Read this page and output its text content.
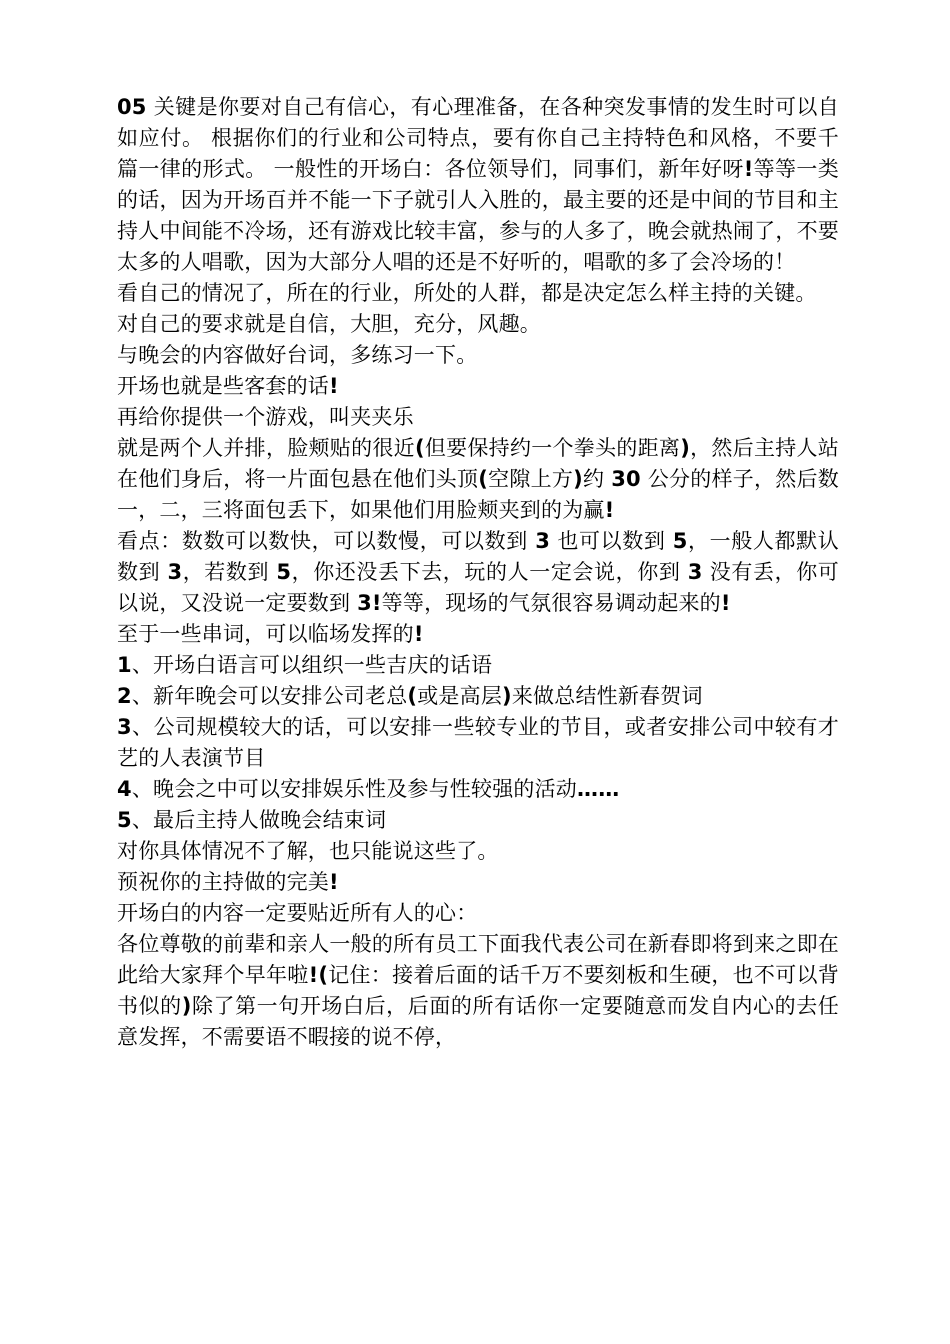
05 关键是你要对自己有信心，有心理准备，在各种突发事情的发生时可以自如应付。 根据你们的行业和公司特点，要有你自己主持特色和风格，不要千篇一律的形式。 一般性的开场白：各位领导们，同事们，新年好呀!等等一类的话，因为开场百并不能一下子就引人入胜的，最主要的还是中间的节目和主持人中间能不冷场，还有游戏比较丰富，参与的人多了，晚会就热闹了，不要太多的人唱歌，因为大部分人唱的还是不好听的，唱歌的多了会冷场的！

看自己的情况了，所在的行业，所处的人群，都是决定怎么样主持的关键。

对自己的要求就是自信，大胆，充分，风趣。

与晚会的内容做好台词，多练习一下。

开场也就是些客套的话!

再给你提供一个游戏，叫夹夹乐

就是两个人并排，脸颊贴的很近(但要保持约一个拳头的距离)，然后主持人站在他们身后，将一片面包悬在他们头顶(空隙上方)约 30 公分的样子，然后数一，二，三将面包丢下，如果他们用脸颊夹到的为赢!

看点：数数可以数快，可以数慢，可以数到 3 也可以数到 5，一般人都默认数到 3，若数到 5，你还没丢下去，玩的人一定会说，你到 3 没有丢，你可以说，又没说一定要数到 3!等等，现场的气氛很容易调动起来的!

至于一些串词，可以临场发挥的!

1、开场白语言可以组织一些吉庆的话语

2、新年晚会可以安排公司老总(或是高层)来做总结性新春贺词

3、公司规模较大的话，可以安排一些较专业的节目，或者安排公司中较有才艺的人表演节目

4、晚会之中可以安排娱乐性及参与性较强的活动……

5、最后主持人做晚会结束词

对你具体情况不了解，也只能说这些了。

预祝你的主持做的完美!

开场白的内容一定要贴近所有人的心：

各位尊敬的前辈和亲人一般的所有员工下面我代表公司在新春即将到来之即在此给大家拜个早年啦!(记住：接着后面的话千万不要刻板和生硬，也不可以背书似的)除了第一句开场白后，后面的所有话你一定要随意而发自内心的去任意发挥，不需要语不暇接的说不停，
